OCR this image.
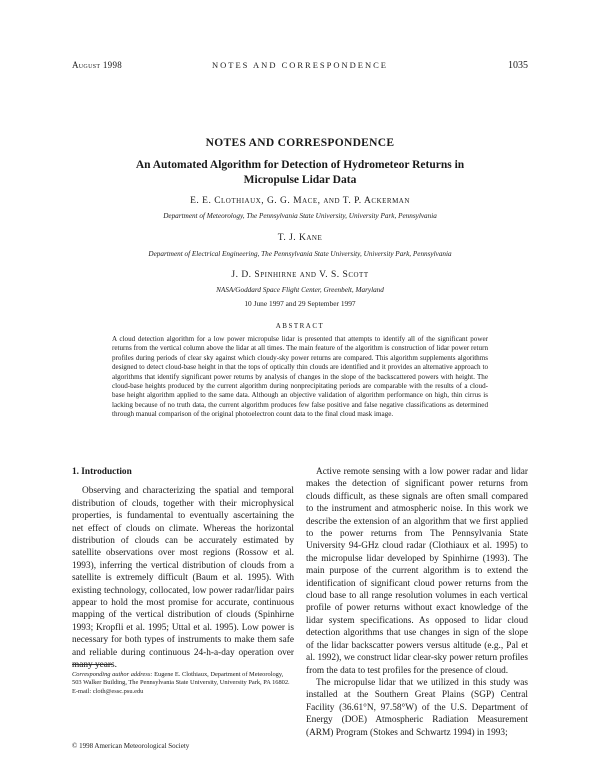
August 1998	NOTES AND CORRESPONDENCE	1035
NOTES AND CORRESPONDENCE
An Automated Algorithm for Detection of Hydrometeor Returns in
Micropulse Lidar Data
E. E. Clothiaux, G. G. Mace, and T. P. Ackerman
Department of Meteorology, The Pennsylvania State University, University Park, Pennsylvania
T. J. Kane
Department of Electrical Engineering, The Pennsylvania State University, University Park, Pennsylvania
J. D. Spinhirne and V. S. Scott
NASA/Goddard Space Flight Center, Greenbelt, Maryland
10 June 1997 and 29 September 1997
ABSTRACT
A cloud detection algorithm for a low power micropulse lidar is presented that attempts to identify all of the significant power returns from the vertical column above the lidar at all times. The main feature of the algorithm is construction of lidar power return profiles during periods of clear sky against which cloudy-sky power returns are compared. This algorithm supplements algorithms designed to detect cloud-base height in that the tops of optically thin clouds are identified and it provides an alternative approach to algorithms that identify significant power returns by analysis of changes in the slope of the backscattered powers with height. The cloud-base heights produced by the current algorithm during nonprecipitating periods are comparable with the results of a cloud-base height algorithm applied to the same data. Although an objective validation of algorithm performance on high, thin cirrus is lacking because of no truth data, the current algorithm produces few false positive and false negative classifications as determined through manual comparison of the original photoelectron count data to the final cloud mask image.

1. Introduction

Observing and characterizing the spatial and temporal distribution of clouds, together with their microphysical properties, is fundamental to eventually ascertaining the net effect of clouds on climate. Whereas the horizontal distribution of clouds can be accurately estimated by satellite observations over most regions (Rossow et al. 1993), inferring the vertical distribution of clouds from a satellite is extremely difficult (Baum et al. 1995). With existing technology, collocated, low power radar/lidar pairs appear to hold the most promise for accurate, continuous mapping of the vertical distribution of clouds (Spinhirne 1993; Kropfli et al. 1995; Uttal et al. 1995). Low power is necessary for both types of instruments to make them safe and reliable during continuous 24-h-a-day operation over many years.

Active remote sensing with a low power radar and lidar makes the detection of significant power returns from clouds difficult, as these signals are often small compared to the instrument and atmospheric noise. In this work we describe the extension of an algorithm that we first applied to the power returns from The Pennsylvania State University 94-GHz cloud radar (Clothiaux et al. 1995) to the micropulse lidar developed by Spinhirne (1993). The main purpose of the current algorithm is to extend the identification of significant cloud power returns from the cloud base to all range resolution volumes in each vertical profile of power returns without exact knowledge of the lidar system specifications. As opposed to lidar cloud detection algorithms that use changes in sign of the slope of the lidar backscatter powers versus altitude (e.g., Pal et al. 1992), we construct lidar clear-sky power return profiles from the data to test profiles for the presence of cloud.

The micropulse lidar that we utilized in this study was installed at the Southern Great Plains (SGP) Central Facility (36.61°N, 97.58°W) of the U.S. Department of Energy (DOE) Atmospheric Radiation Measurement (ARM) Program (Stokes and Schwartz 1994) in 1993;

Corresponding author address: Eugene E. Clothiaux, Department of Meteorology, 503 Walker Building, The Pennsylvania State University, University Park, PA 16802.
E-mail: cloth@essc.psu.edu
© 1998 American Meteorological Society
